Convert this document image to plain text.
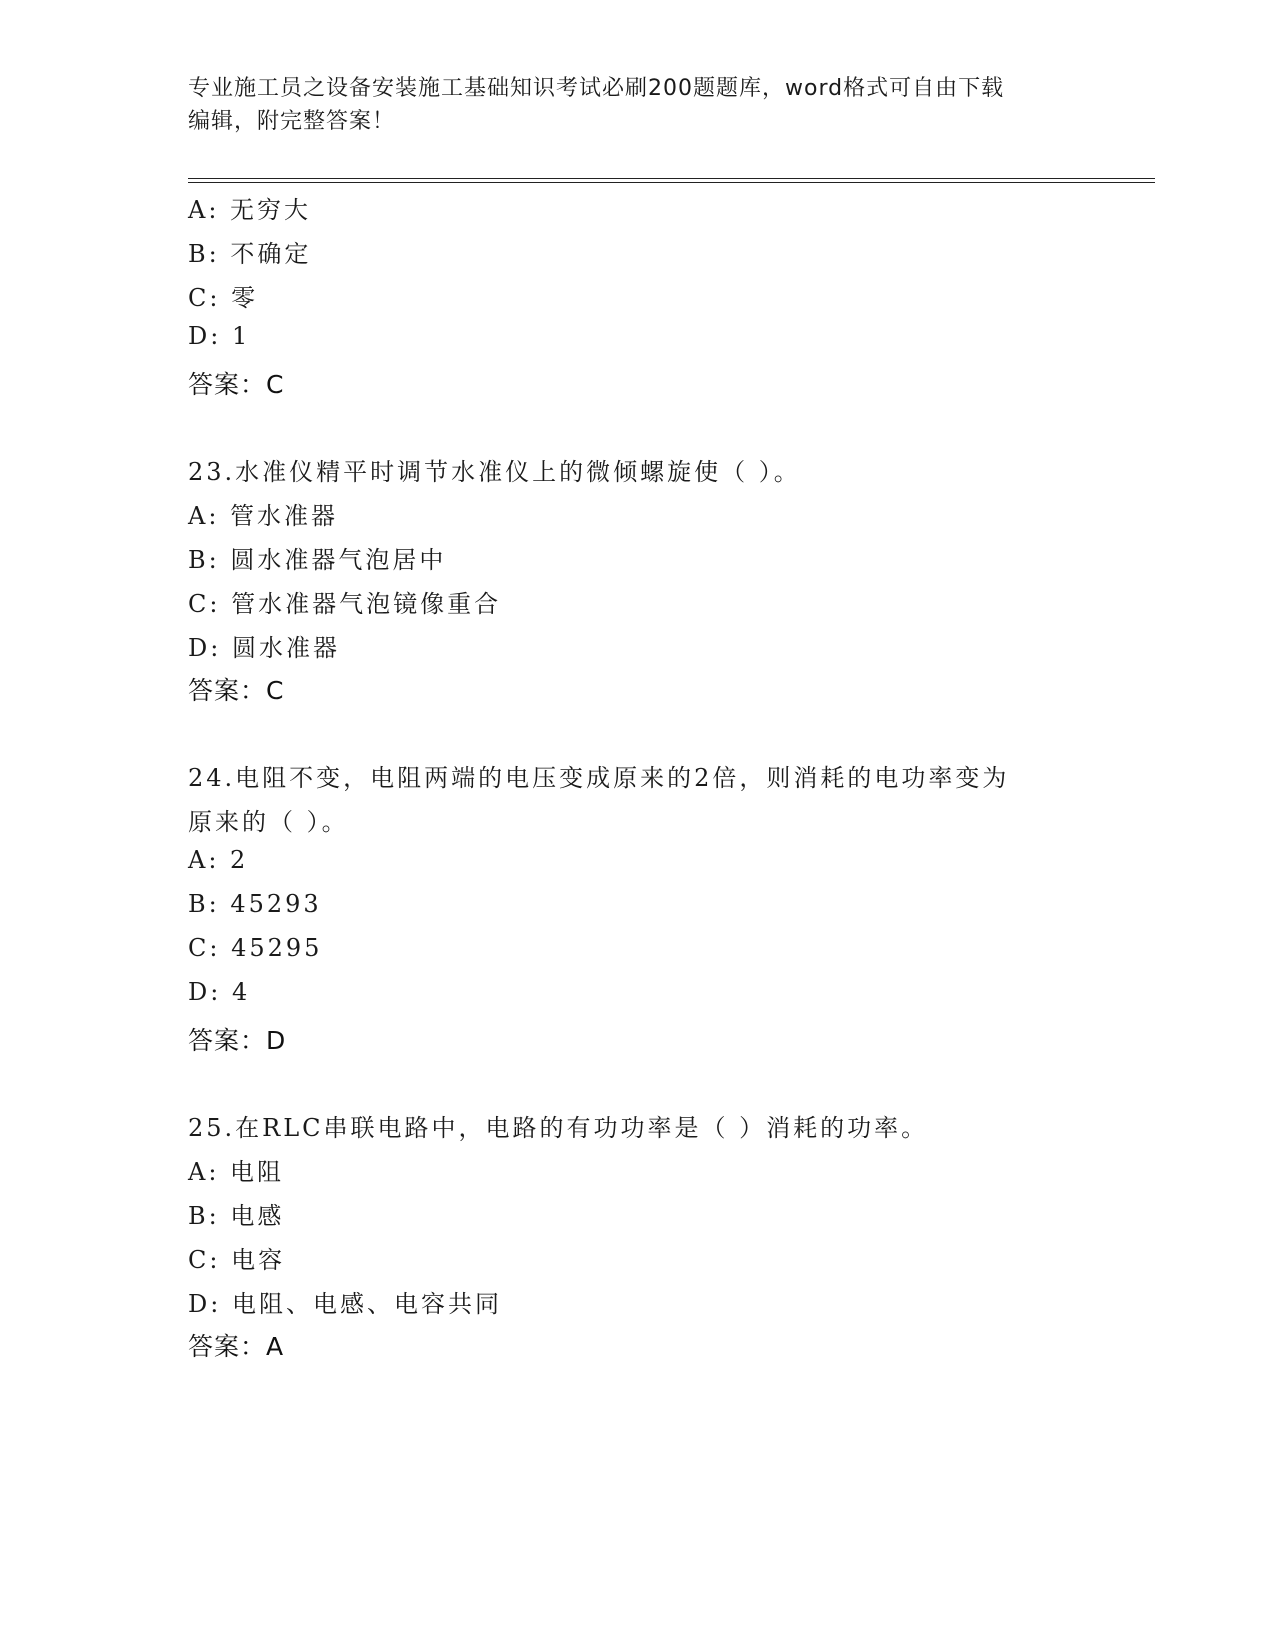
专业施工员之设备安装施工基础知识考试必刷200题题库，word格式可自由下载
编辑，附完整答案！
A: 无穷大
B: 不确定
C: 零
D: 1
答案：C
23.水准仪精平时调节水准仪上的微倾螺旋使（ ）。
A: 管水准器
B: 圆水准器气泡居中
C: 管水准器气泡镜像重合
D: 圆水准器
答案：C
24.电阻不变，电阻两端的电压变成原来的2倍，则消耗的电功率变为
原来的（ ）。
A: 2
B: 45293
C: 45295
D: 4
答案：D
25.在RLC串联电路中，电路的有功功率是（ ）消耗的功率。
A: 电阻
B: 电感
C: 电容
D: 电阻、电感、电容共同
答案：A
